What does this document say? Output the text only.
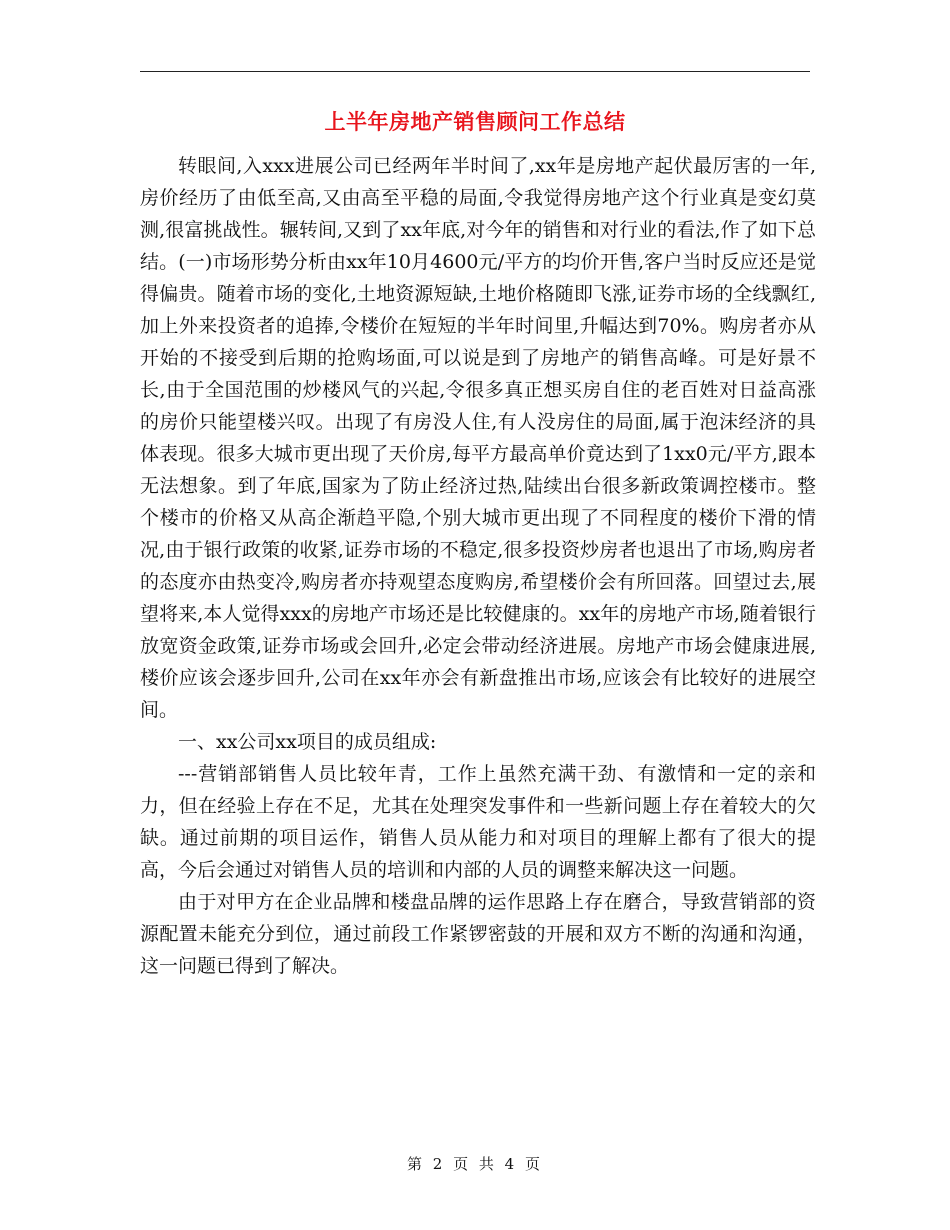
上半年房地产销售顾问工作总结

转眼间,入xxx进展公司已经两年半时间了,xx年是房地产起伏最厉害的一年,房价经历了由低至高,又由高至平稳的局面,令我觉得房地产这个行业真是变幻莫测,很富挑战性。辗转间,又到了xx年底,对今年的销售和对行业的看法,作了如下总结。(一)市场形势分析由xx年10月4600元/平方的均价开售,客户当时反应还是觉得偏贵。随着市场的变化,土地资源短缺,土地价格随即飞涨,证券市场的全线飘红,加上外来投资者的追捧,令楼价在短短的半年时间里,升幅达到70%。购房者亦从开始的不接受到后期的抢购场面,可以说是到了房地产的销售高峰。可是好景不长,由于全国范围的炒楼风气的兴起,令很多真正想买房自住的老百姓对日益高涨的房价只能望楼兴叹。出现了有房没人住,有人没房住的局面,属于泡沫经济的具体表现。很多大城市更出现了天价房,每平方最高单价竟达到了1xx0元/平方,跟本无法想象。到了年底,国家为了防止经济过热,陆续出台很多新政策调控楼市。整个楼市的价格又从高企渐趋平隐,个别大城市更出现了不同程度的楼价下滑的情况,由于银行政策的收紧,证券市场的不稳定,很多投资炒房者也退出了市场,购房者的态度亦由热变冷,购房者亦持观望态度购房,希望楼价会有所回落。回望过去,展望将来,本人觉得xxx的房地产市场还是比较健康的。xx年的房地产市场,随着银行放宽资金政策,证券市场或会回升,必定会带动经济进展。房地产市场会健康进展,楼价应该会逐步回升,公司在xx年亦会有新盘推出市场,应该会有比较好的进展空间。

一、xx公司xx项目的成员组成:

---营销部销售人员比较年青，工作上虽然充满干劲、有激情和一定的亲和力，但在经验上存在不足，尤其在处理突发事件和一些新问题上存在着较大的欠缺。通过前期的项目运作，销售人员从能力和对项目的理解上都有了很大的提高，今后会通过对销售人员的培训和内部的人员的调整来解决这一问题。

由于对甲方在企业品牌和楼盘品牌的运作思路上存在磨合，导致营销部的资源配置未能充分到位，通过前段工作紧锣密鼓的开展和双方不断的沟通和沟通，这一问题已得到了解决。

第 2 页 共 4 页
